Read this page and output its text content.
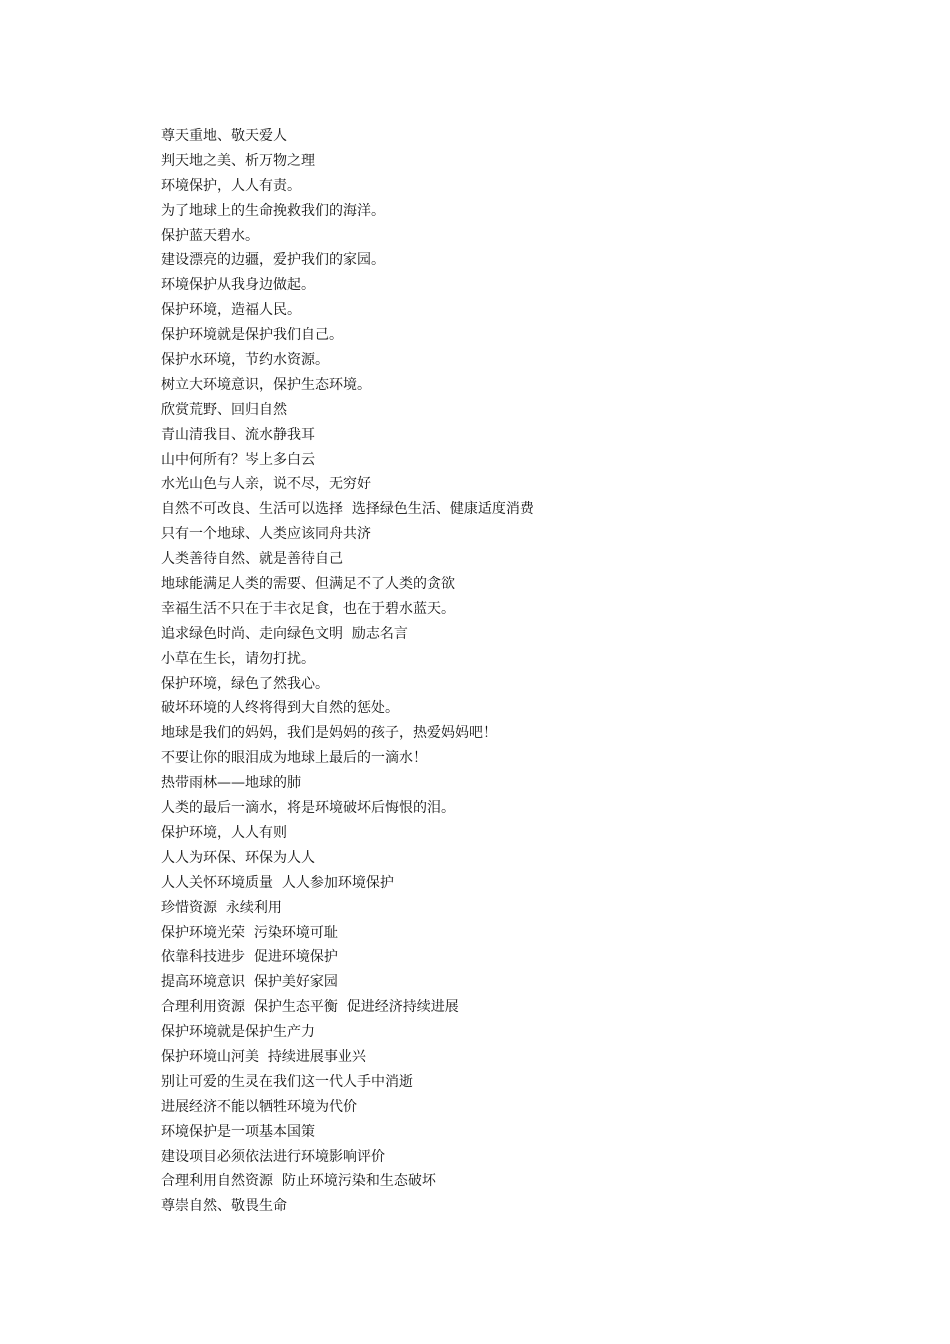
尊天重地、敬天爱人
判天地之美、析万物之理
环境保护，人人有责。
为了地球上的生命挽救我们的海洋。
保护蓝天碧水。
建设漂亮的边疆，爱护我们的家园。
环境保护从我身边做起。
保护环境，造福人民。
保护环境就是保护我们自己。
保护水环境，节约水资源。
树立大环境意识，保护生态环境。
欣赏荒野、回归自然
青山清我目、流水静我耳
山中何所有？岑上多白云
水光山色与人亲，说不尽，无穷好
自然不可改良、生活可以选择  选择绿色生活、健康适度消费
只有一个地球、人类应该同舟共济
人类善待自然、就是善待自己
地球能满足人类的需要、但满足不了人类的贪欲
幸福生活不只在于丰衣足食，也在于碧水蓝天。
追求绿色时尚、走向绿色文明  励志名言
小草在生长，请勿打扰。
保护环境，绿色了然我心。
破坏环境的人终将得到大自然的惩处。
地球是我们的妈妈，我们是妈妈的孩子，热爱妈妈吧！
不要让你的眼泪成为地球上最后的一滴水！
热带雨林——地球的肺
人类的最后一滴水，将是环境破坏后悔恨的泪。
保护环境，人人有则
人人为环保、环保为人人
人人关怀环境质量  人人参加环境保护
珍惜资源  永续利用
保护环境光荣  污染环境可耻
依靠科技进步  促进环境保护
提高环境意识  保护美好家园
合理利用资源  保护生态平衡  促进经济持续进展
保护环境就是保护生产力
保护环境山河美  持续进展事业兴
别让可爱的生灵在我们这一代人手中消逝
进展经济不能以牺牲环境为代价
环境保护是一项基本国策
建设项目必须依法进行环境影响评价
合理利用自然资源  防止环境污染和生态破坏
尊崇自然、敬畏生命
